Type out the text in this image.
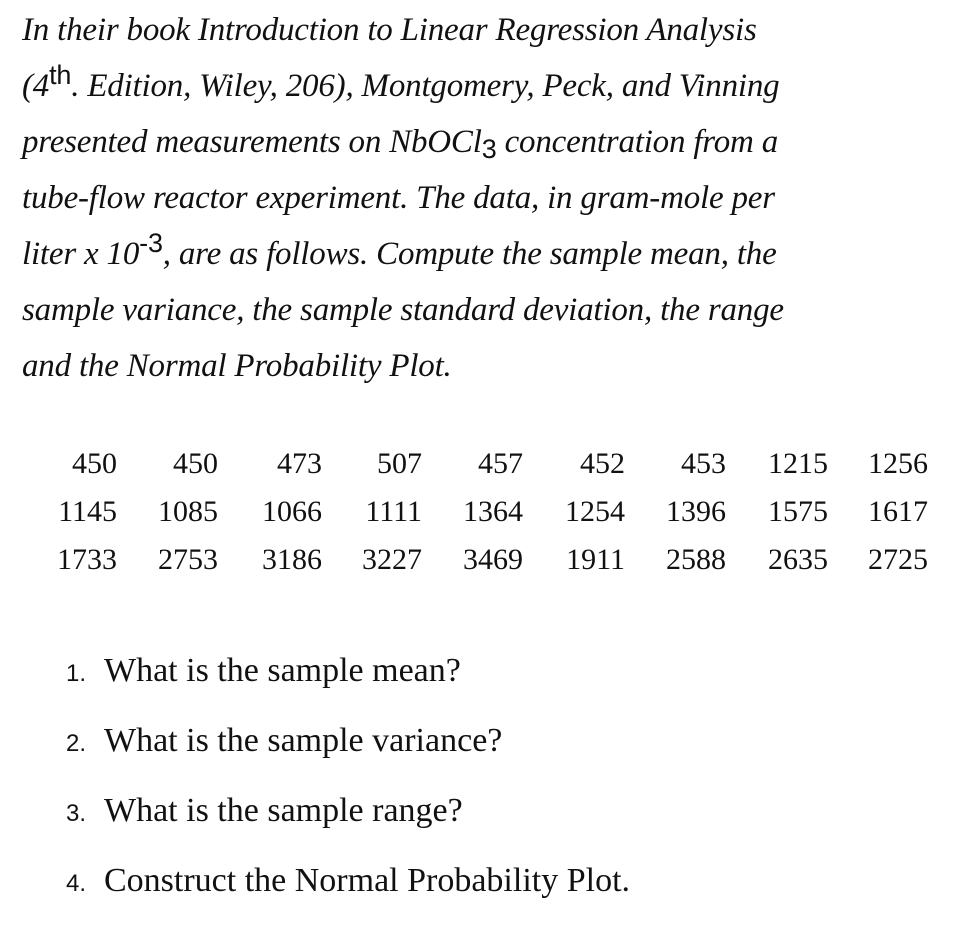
In their book Introduction to Linear Regression Analysis
(4th. Edition, Wiley, 206), Montgomery, Peck, and Vinning
presented measurements on NbOCl3 concentration from a
tube-flow reactor experiment. The data, in gram-mole per
liter x $10^{-3}$, are as follows. Compute the sample mean, the
sample variance, the sample standard deviation, the range
and the Normal Probability Plot.
450	450	473	507	457	452	453	1215	1256
1145	1085	1066	1111	1364	1254	1396	1575	1617
1733	2753	3186	3227	3469	1911	2588	2635	2725
1. What is the sample mean?
2. What is the sample variance?
3. What is the sample range?
4. Construct the Normal Probability Plot.
